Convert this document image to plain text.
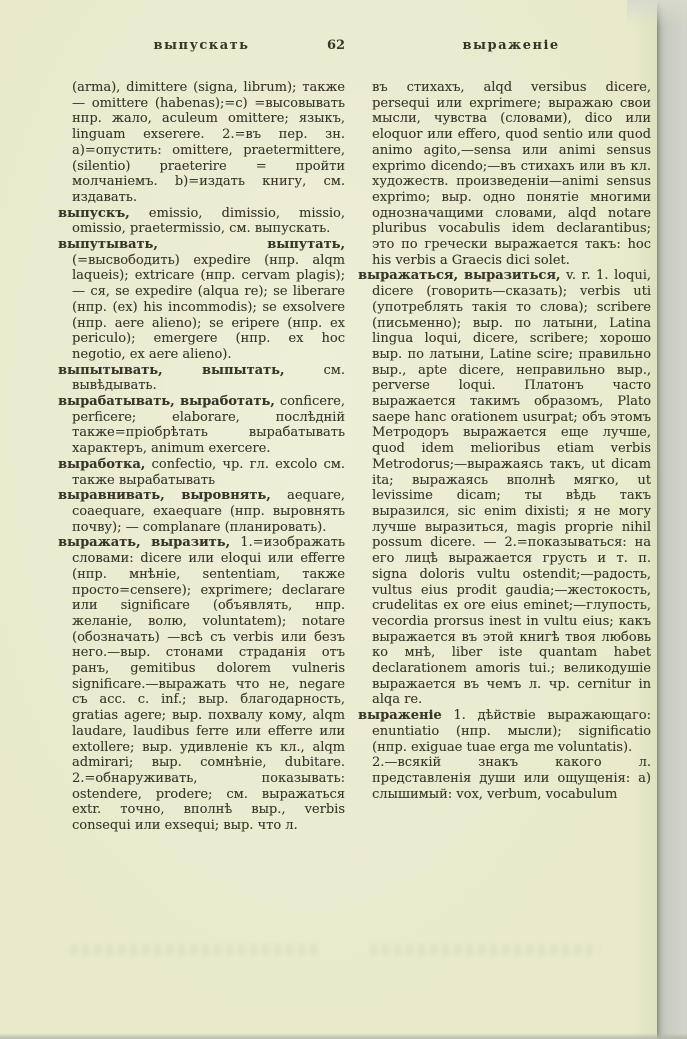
выпускать	62	выраженіе

(arma), dimittere (signa, librum); также — omittere (habenas);=c) =высовывать нпр. жало, aculeum omittere; языкъ, linguam exserere. 2.=въ пер. зн. a)=опустить: omittere, praetermittere, (silentio) praeterire = пройти молчаніемъ. b)=издать книгу, см. издавать.

выпускъ, emissio, dimissio, missio, omissio, praetermissio, см. выпускать.

выпутывать, выпутать, (=высвободить) expedire (нпр. alqm laqueis); extricare (нпр. cervam plagis); — ся, se expedire (alqua re); se liberare (нпр. (ex) his incommodis); se exsolvere (нпр. aere alieno); se eripere (нпр. ex periculo); emergere (нпр. ex hoc negotio, ex aere alieno).

выпытывать, выпытать, см. вывѣдывать.

вырабатывать, выработать, conficere, perficere; elaborare, послѣдній также=пріобрѣтать вырабатывать характеръ, animum exercere.

выработка, confectio, чр. гл. excolo см. также вырабатывать

выравнивать, выровнять, aequare, coaequare, exaequare (нпр. выровнять почву); — complanare (планировать).

выражать, выразить, 1.=изображать словами: dicere или eloqui или efferre (нпр. мнѣніе, sententiam, также просто=censere); exprimere; declarare или significare (объявлять, нпр. желаніе, волю, voluntatem); notare (обозначать) —всѣ съ verbis или безъ него.—выр. стонами страданія отъ ранъ, gemitibus dolorem vulneris significare.—выражать что не, negare съ acc. c. inf.; выр. благодарность, gratias agere; выр. похвалу кому, alqm laudare, laudibus ferre или efferre или extollere; выр. удивленіе къ кл., alqm admirari; выр. сомнѣніе, dubitare. 2.=обнаруживать, показывать: ostendere, prodere; см. выражаться extr. точно, вполнѣ выр., verbis consequi или exsequi; выр. что л.

въ стихахъ, alqd versibus dicere, persequi или exprimere; выражаю свои мысли, чувства (словами), dico или eloquor или effero, quod sentio или quod animo agito,—sensa или animi sensus exprimo dicendo;—въ стихахъ или въ кл. художеств. произведеніи—animi sensus exprimo; выр. одно понятіе многими однозначащими словами, alqd notare pluribus vocabulis idem declarantibus; это по гречески выражается такъ: hoc his verbis a Graecis dici solet.

выражаться, выразиться, v. r. 1. loqui, dicere (говорить—сказать); verbis uti (употреблять такія то слова); scribere (письменно); выр. по латыни, Latina lingua loqui, dicere, scribere; хорошо выр. по латыни, Latine scire; правильно выр., apte dicere, неправильно выр., perverse loqui. Платонъ часто выражается такимъ образомъ, Plato saepe hanc orationem usurpat; объ этомъ Метродоръ выражается еще лучше, quod idem melioribus etiam verbis Metrodorus;—выражаясь такъ, ut dicam ita; выражаясь вполнѣ мягко, ut levissime dicam; ты вѣдь такъ выразился, sic enim dixisti; я не могу лучше выразиться, magis proprie nihil possum dicere. — 2.=показываться: на его лицѣ выражается грусть и т. п. signa doloris vultu ostendit;—радость, vultus eius prodit gaudia;—жестокость, crudelitas ex ore eius eminet;—глупость, vecordia prorsus inest in vultu eius; какъ выражается въ этой книгѣ твоя любовь ко мнѣ, liber iste quantam habet declarationem amoris tui.; великодушіе выражается въ чемъ л. чр. cernitur in alqa re.

выраженіе 1. дѣйствіе выражающаго: enuntiatio (нпр. мысли); significatio (нпр. exiguae tuae erga me voluntatis).

2.—всякій знакъ какого л. представленія души или ощущенія: a) слышимый: vox, verbum, vocabulum
